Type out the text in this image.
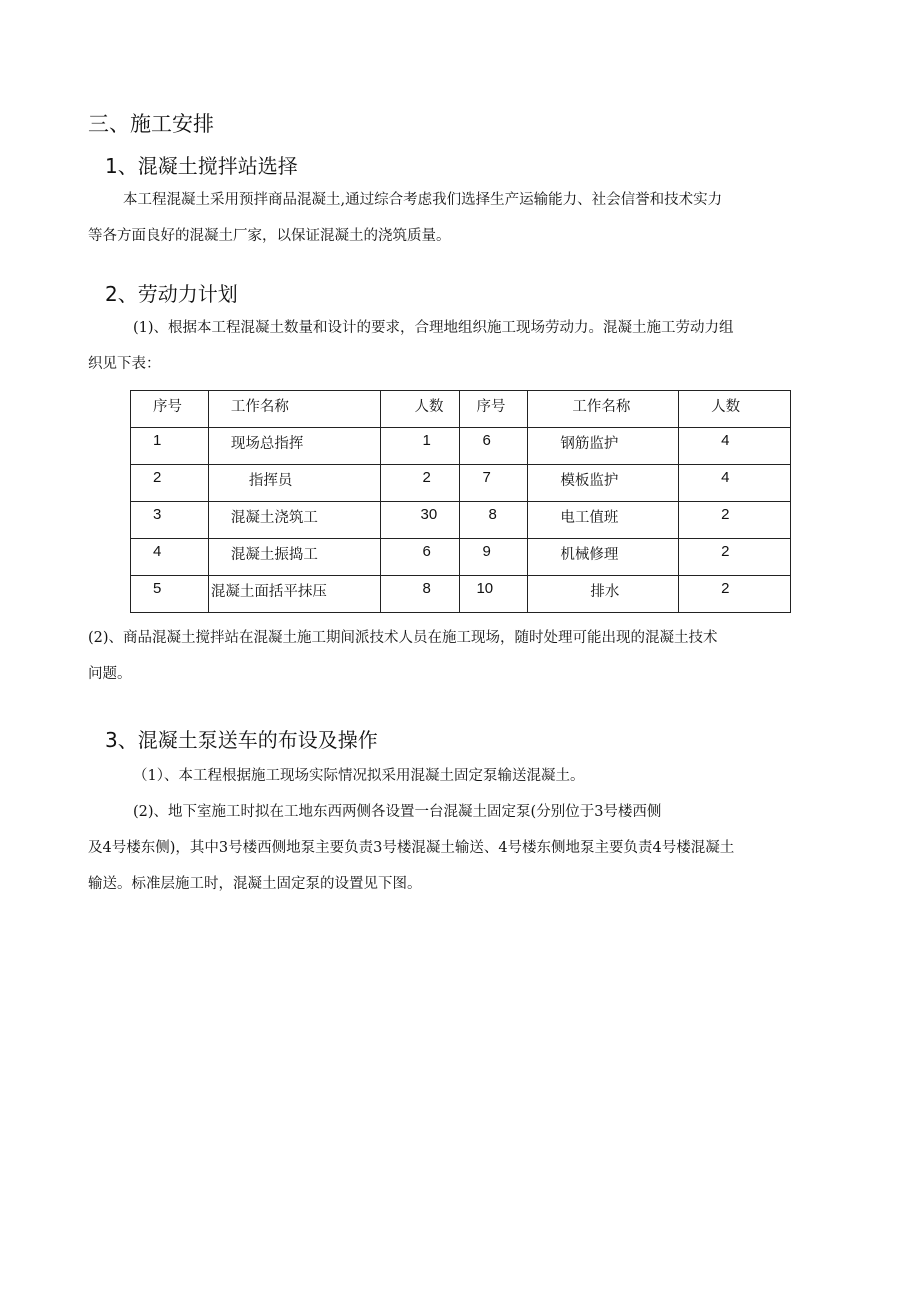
三、施工安排
1、混凝土搅拌站选择
本工程混凝土采用预拌商品混凝土,通过综合考虑我们选择生产运输能力、社会信誉和技术实力
等各方面良好的混凝土厂家，以保证混凝土的浇筑质量。
2、劳动力计划
(1)、根据本工程混凝土数量和设计的要求，合理地组织施工现场劳动力。混凝土施工劳动力组
织见下表：
序号	工作名称	人数	序号	工作名称	人数
1	现场总指挥	1	6	钢筋监护	4
2	指挥员	2	7	模板监护	4
3	混凝土浇筑工	30	8	电工值班	2
4	混凝土振捣工	6	9	机械修理	2
5	混凝土面括平抹压	8	10	排水	2
(2)、商品混凝土搅拌站在混凝土施工期间派技术人员在施工现场，随时处理可能出现的混凝土技术
问题。
3、混凝土泵送车的布设及操作
（1）、本工程根据施工现场实际情况拟采用混凝土固定泵输送混凝土。
(2)、地下室施工时拟在工地东西两侧各设置一台混凝土固定泵(分别位于3号楼西侧
及4号楼东侧)，其中3号楼西侧地泵主要负责3号楼混凝土输送、4号楼东侧地泵主要负责4号楼混凝土
输送。标准层施工时，混凝土固定泵的设置见下图。
